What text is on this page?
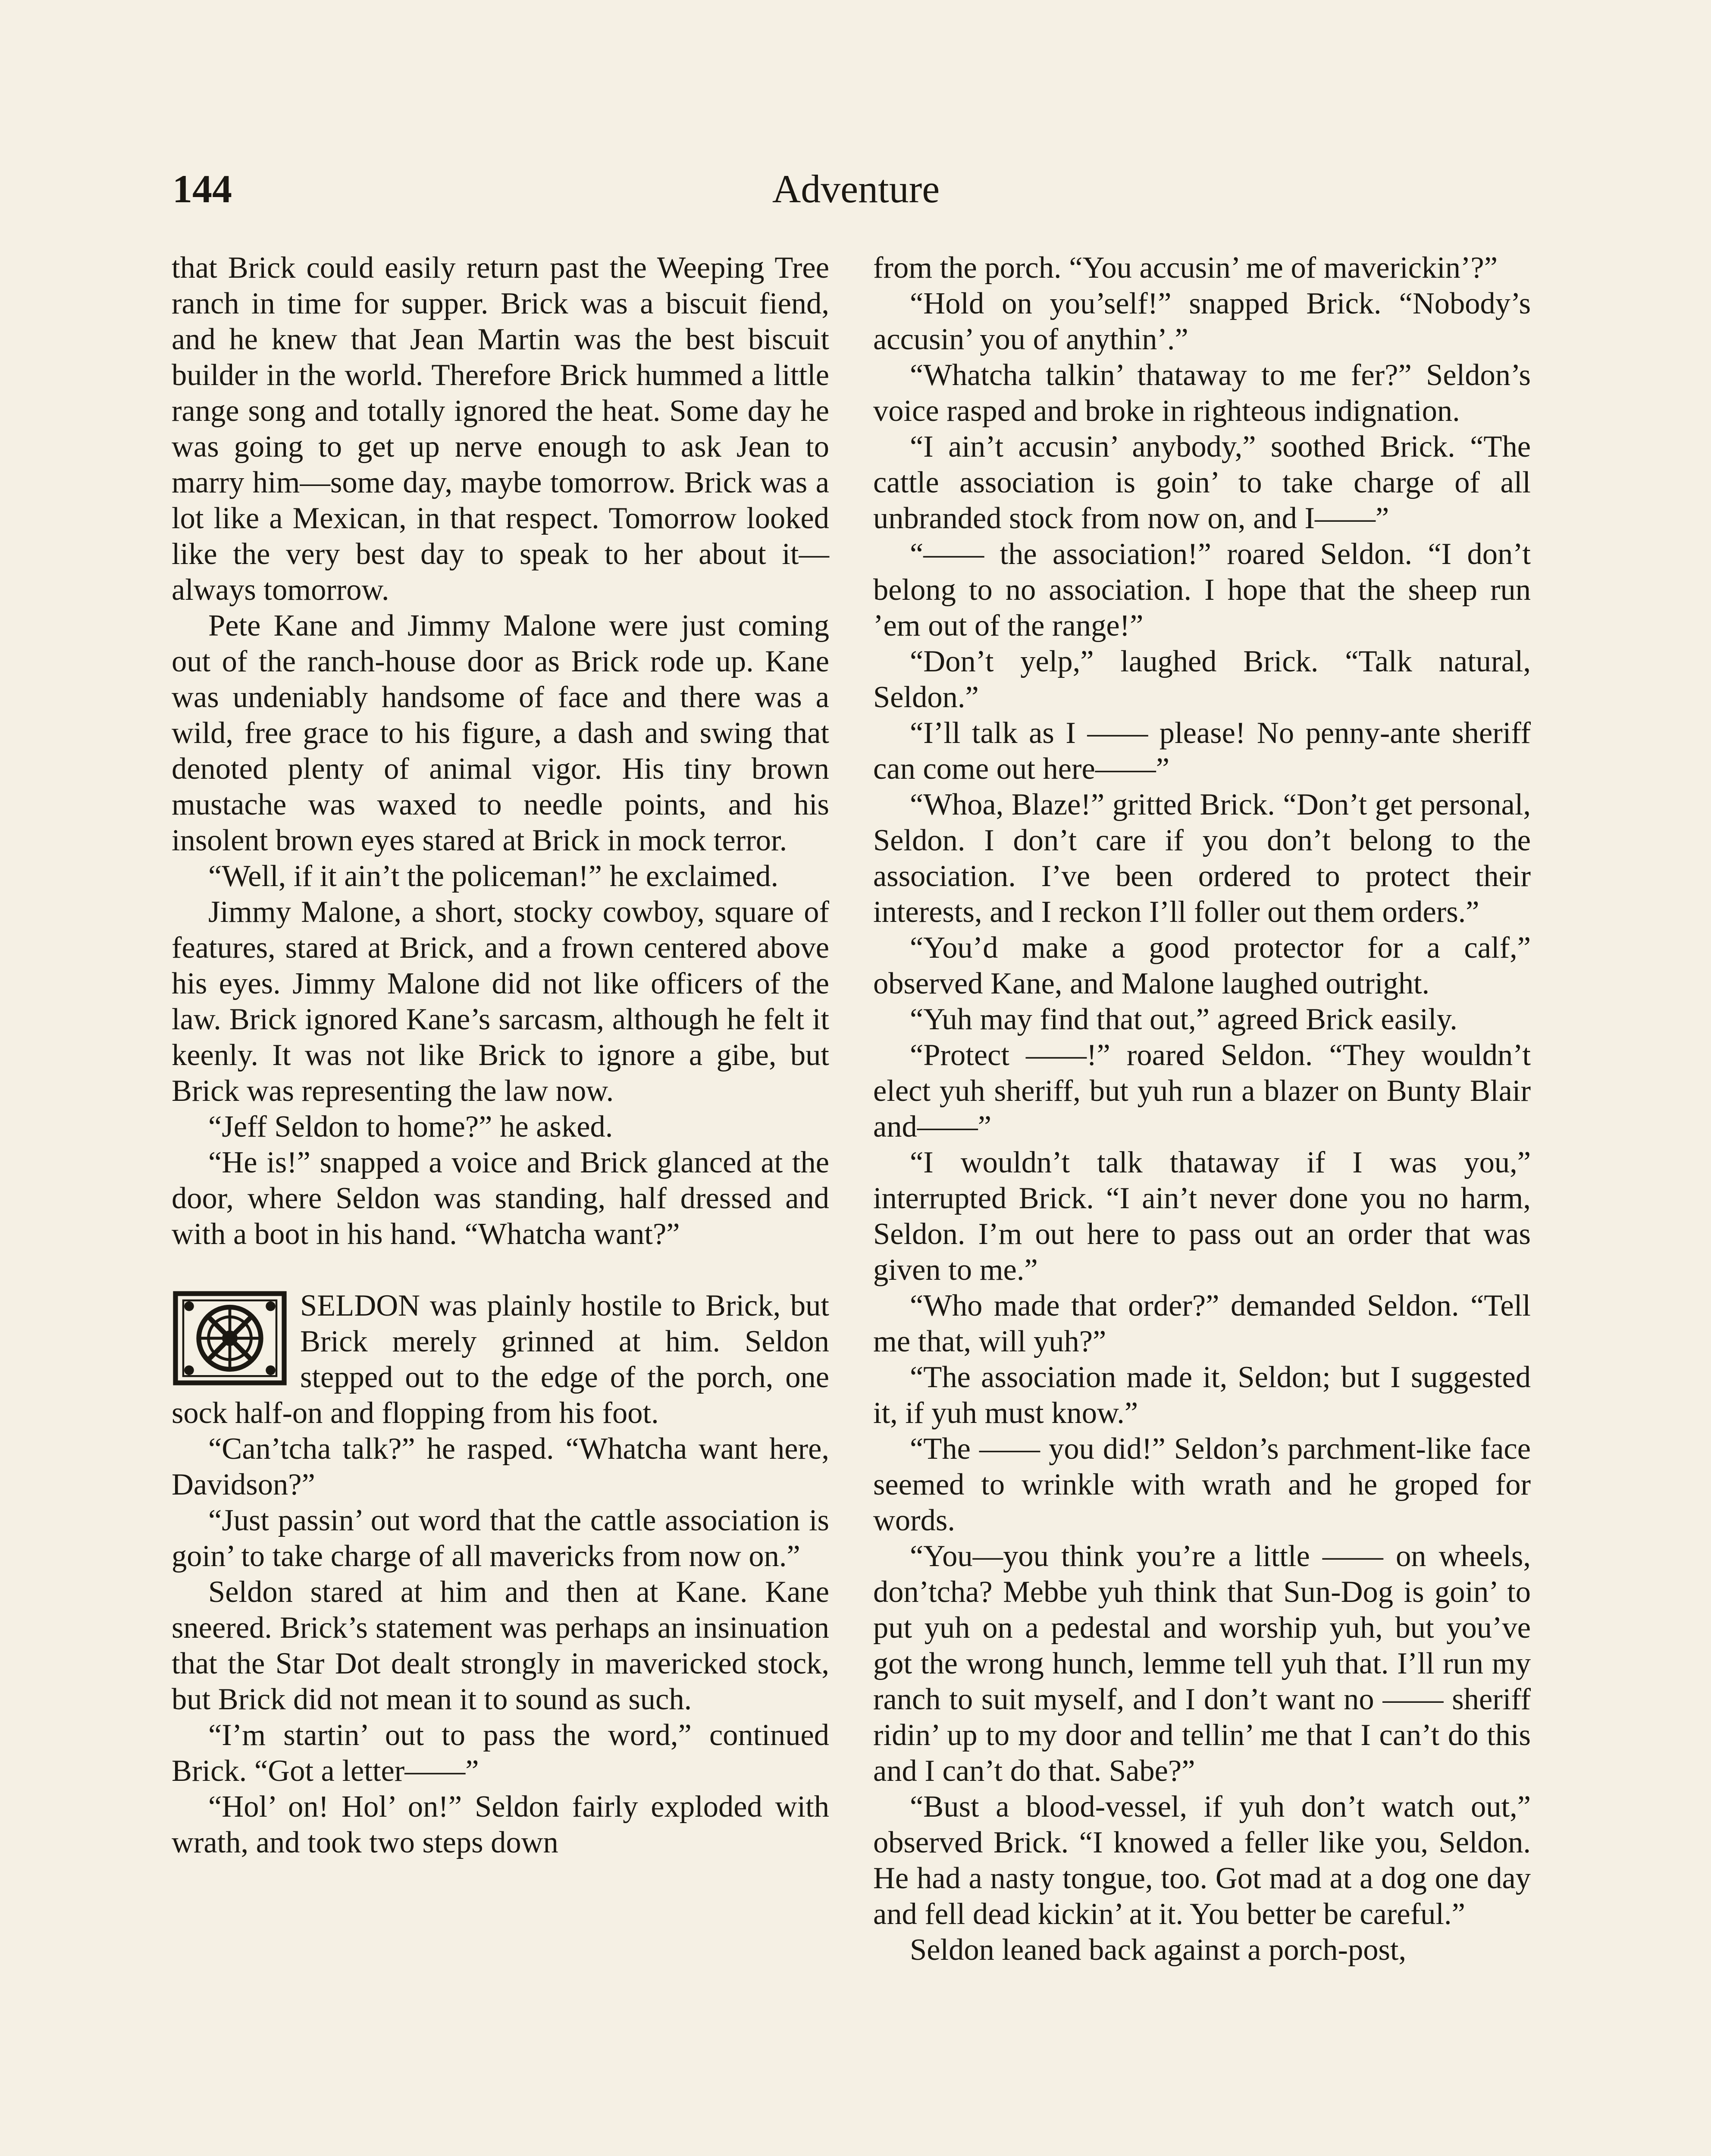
144	Adventure

that Brick could easily return past the Weeping Tree ranch in time for supper. Brick was a biscuit fiend, and he knew that Jean Martin was the best biscuit builder in the world. Therefore Brick hummed a little range song and totally ignored the heat. Some day he was going to get up nerve enough to ask Jean to marry him—some day, maybe tomorrow. Brick was a lot like a Mexican, in that respect. Tomorrow looked like the very best day to speak to her about it—always tomorrow.

Pete Kane and Jimmy Malone were just coming out of the ranch-house door as Brick rode up. Kane was undeniably handsome of face and there was a wild, free grace to his figure, a dash and swing that denoted plenty of animal vigor. His tiny brown mustache was waxed to needle points, and his insolent brown eyes stared at Brick in mock terror.

“Well, if it ain’t the policeman!” he exclaimed.

Jimmy Malone, a short, stocky cowboy, square of features, stared at Brick, and a frown centered above his eyes. Jimmy Malone did not like officers of the law. Brick ignored Kane’s sarcasm, although he felt it keenly. It was not like Brick to ignore a gibe, but Brick was representing the law now.

“Jeff Seldon to home?” he asked.

“He is!” snapped a voice and Brick glanced at the door, where Seldon was standing, half dressed and with a boot in his hand. “Whatcha want?”

SELDON was plainly hostile to Brick, but Brick merely grinned at him. Seldon stepped out to the edge of the porch, one sock half-on and flopping from his foot.

“Can’tcha talk?” he rasped. “Whatcha want here, Davidson?”

“Just passin’ out word that the cattle association is goin’ to take charge of all mavericks from now on.”

Seldon stared at him and then at Kane. Kane sneered. Brick’s statement was perhaps an insinuation that the Star Dot dealt strongly in mavericked stock, but Brick did not mean it to sound as such.

“I’m startin’ out to pass the word,” continued Brick. “Got a letter——”

“Hol’ on! Hol’ on!” Seldon fairly exploded with wrath, and took two steps down

from the porch. “You accusin’ me of maverickin’?”

“Hold on you’self!” snapped Brick. “Nobody’s accusin’ you of anythin’.”

“Whatcha talkin’ thataway to me fer?” Seldon’s voice rasped and broke in righteous indignation.

“I ain’t accusin’ anybody,” soothed Brick. “The cattle association is goin’ to take charge of all unbranded stock from now on, and I——”

“—— the association!” roared Seldon. “I don’t belong to no association. I hope that the sheep run ’em out of the range!”

“Don’t yelp,” laughed Brick. “Talk natural, Seldon.”

“I’ll talk as I —— please! No penny-ante sheriff can come out here——”

“Whoa, Blaze!” gritted Brick. “Don’t get personal, Seldon. I don’t care if you don’t belong to the association. I’ve been ordered to protect their interests, and I reckon I’ll foller out them orders.”

“You’d make a good protector for a calf,” observed Kane, and Malone laughed outright.

“Yuh may find that out,” agreed Brick easily.

“Protect ——!” roared Seldon. “They wouldn’t elect yuh sheriff, but yuh run a blazer on Bunty Blair and——”

“I wouldn’t talk thataway if I was you,” interrupted Brick. “I ain’t never done you no harm, Seldon. I’m out here to pass out an order that was given to me.”

“Who made that order?” demanded Seldon. “Tell me that, will yuh?”

“The association made it, Seldon; but I suggested it, if yuh must know.”

“The —— you did!” Seldon’s parchment-like face seemed to wrinkle with wrath and he groped for words.

“You—you think you’re a little —— on wheels, don’tcha? Mebbe yuh think that Sun-Dog is goin’ to put yuh on a pedestal and worship yuh, but you’ve got the wrong hunch, lemme tell yuh that. I’ll run my ranch to suit myself, and I don’t want no —— sheriff ridin’ up to my door and tellin’ me that I can’t do this and I can’t do that. Sabe?”

“Bust a blood-vessel, if yuh don’t watch out,” observed Brick. “I knowed a feller like you, Seldon. He had a nasty tongue, too. Got mad at a dog one day and fell dead kickin’ at it. You better be careful.”

Seldon leaned back against a porch-post,
